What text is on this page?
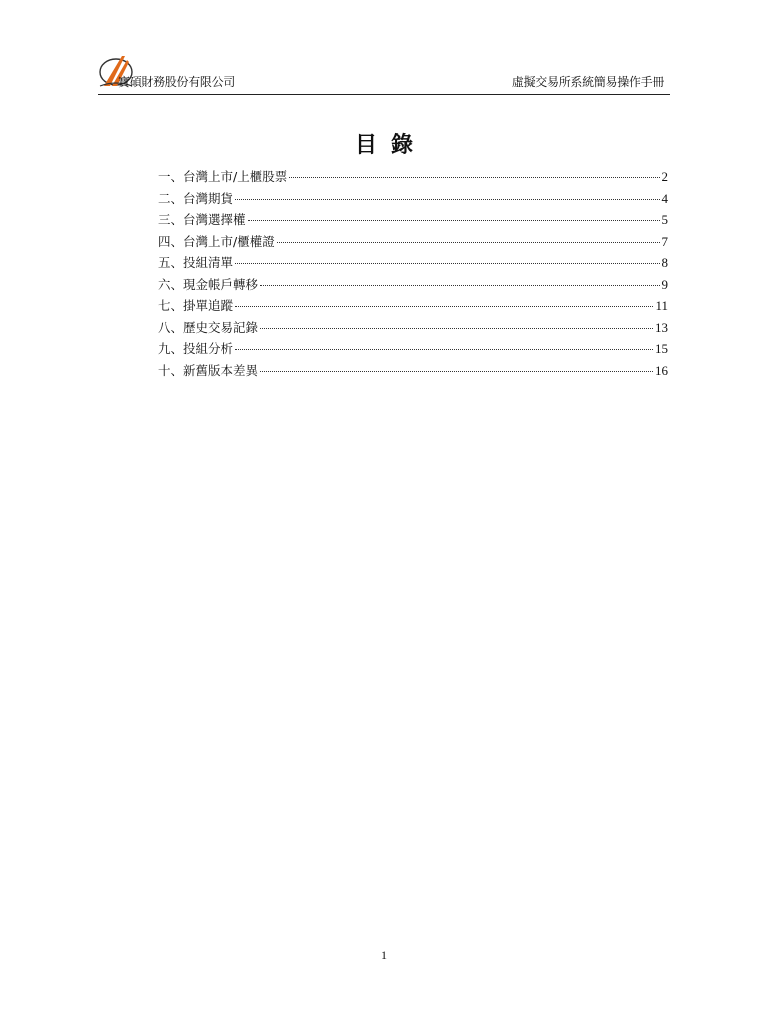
寶碩財務股份有限公司	虛擬交易所系統簡易操作手冊
目錄
一、台灣上市/上櫃股票	2
二、台灣期貨	4
三、台灣選擇權	5
四、台灣上市/櫃權證	7
五、投組清單	8
六、現金帳戶轉移	9
七、掛單追蹤	11
八、歷史交易記錄	13
九、投組分析	15
十、新舊版本差異	16
1
